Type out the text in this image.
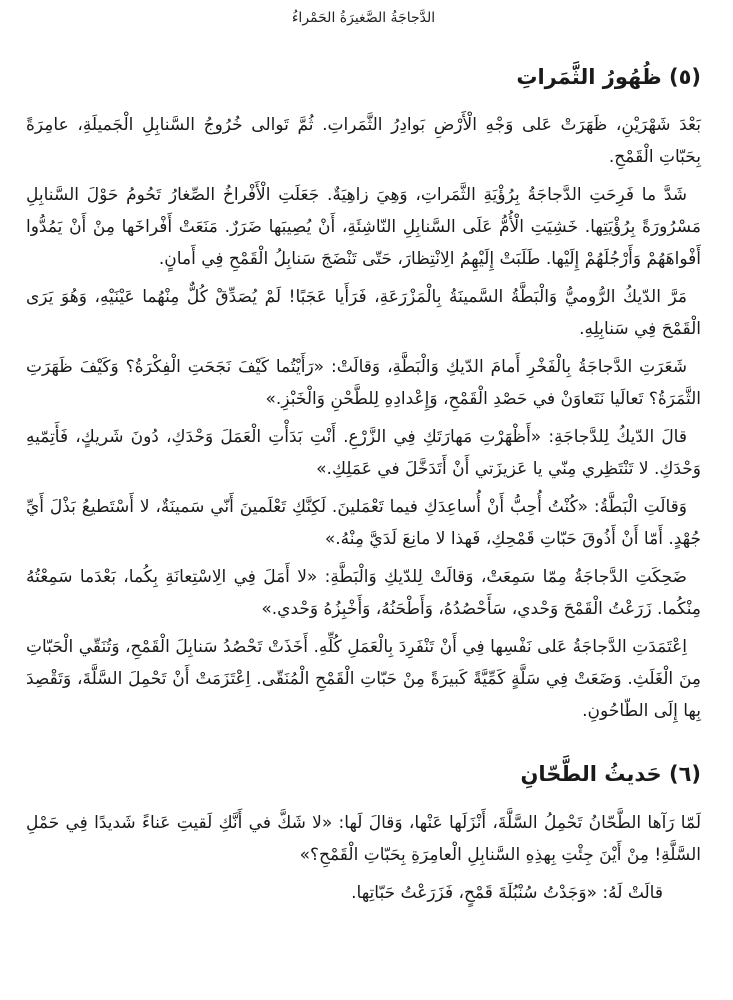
الدَّجاجَةُ الصَّغيرَةُ الحَمْراءُ
(٥) ظُهُورُ الثَّمَراتِ

بَعْدَ شَهْرَيْنِ، ظَهَرَتْ عَلى وَجْهِ الْأَرْضِ بَوادِرُ الثَّمَراتِ. ثُمَّ تَوالى خُرُوجُ السَّنابِلِ الْجَميلَةِ، عامِرَةً بِحَبّاتِ الْقَمْحِ.

شَدَّ ما فَرِحَتِ الدَّجاجَةُ بِرُؤْيَةِ الثَّمَراتِ، وَهِيَ زاهِيَةٌ. جَعَلَتِ الْأَفْراخُ الصِّغارُ تَحُومُ حَوْلَ السَّنابِلِ مَسْرُورَةً بِرُؤْيَتِها. خَشِيَتِ الْأُمُّ عَلَى السَّنابِلِ النّاشِئَةِ، أَنْ يُصِيبَها ضَرَرٌ. مَنَعَتْ أَفْراخَها مِنْ أَنْ يَمُدُّوا أَفْواهَهُمْ وَأَرْجُلَهُمْ إِلَيْها. طَلَبَتْ إِلَيْهِمُ الِانْتِظارَ، حَتّى تَنْضَجَ سَنابِلُ الْقَمْحِ فِي أَمانٍ.

مَرَّ الدّيكُ الرُّوميُّ وَالْبَطَّةُ السَّمينَةُ بِالْمَزْرَعَةِ، فَرَأَيا عَجَبًا! لَمْ يُصَدِّقْ كُلٌّ مِنْهُما عَيْنَيْهِ، وَهُوَ يَرَى الْقَمْحَ فِي سَنابِلِهِ.

شَعَرَتِ الدَّجاجَةُ بِالْفَخْرِ أَمامَ الدّيكِ وَالْبَطَّةِ، وَقالَتْ: «رَأَيْتُما كَيْفَ نَجَحَتِ الْفِكْرَةُ؟ وَكَيْفَ ظَهَرَتِ الثَّمَرَةُ؟ تَعالَيا نَتَعاوَنْ في حَصْدِ الْقَمْحِ، وَإِعْدادِهِ لِلطَّحْنِ وَالْخَبْزِ.»

قالَ الدّيكُ لِلدَّجاجَةِ: «أَظْهَرْتِ مَهارَتَكِ فِي الزَّرْعِ. أَنْتِ بَدَأْتِ الْعَمَلَ وَحْدَكِ، دُونَ شَريكٍ، فَأَتِمّيهِ وَحْدَكِ. لا تَنْتَظِري مِنّي يا عَزيزَتي أَنْ أَتَدَخَّلَ في عَمَلِكِ.»

وَقالَتِ الْبَطَّةُ: «كُنْتُ أُحِبُّ أَنْ أُساعِدَكِ فيما تَعْمَلينَ. لَكِنَّكِ تَعْلَمينَ أَنّي سَمينَةٌ، لا أَسْتَطيعُ بَذْلَ أَيِّ جُهْدٍ. أَمّا أَنْ أَذُوقَ حَبّاتِ قَمْحِكِ، فَهذا لا مانِعَ لَدَيَّ مِنْهُ.»

ضَحِكَتِ الدَّجاجَةُ مِمّا سَمِعَتْ، وَقالَتْ لِلدّيكِ وَالْبَطَّةِ: «لا أَمَلَ فِي الِاسْتِعانَةِ بِكُما، بَعْدَما سَمِعْتُهُ مِنْكُما. زَرَعْتُ الْقَمْحَ وَحْدي، سَأَحْصُدُهُ، وَأَطْحَنُهُ، وَأَخْبِزُهُ وَحْدي.»

اِعْتَمَدَتِ الدَّجاجَةُ عَلى نَفْسِها فِي أَنْ تَنْفَرِدَ بِالْعَمَلِ كُلِّهِ. أَخَذَتْ تَحْصُدُ سَنابِلَ الْقَمْحِ، وَتُنَقّي الْحَبّاتِ مِنَ الْغَلَثِ. وَضَعَتْ فِي سَلَّةٍ كَمِّيَّةً كَبيرَةً مِنْ حَبّاتِ الْقَمْحِ الْمُنَقّى. اِعْتَزَمَتْ أَنْ تَحْمِلَ السَّلَّةَ، وَتَقْصِدَ بِها إِلَى الطّاحُونِ.

(٦) حَديثُ الطَّحّانِ

لَمّا رَآها الطَّحّانُ تَحْمِلُ السَّلَّةَ، أَنْزَلَها عَنْها، وَقالَ لَها: «لا شَكَّ في أَنَّكِ لَقيتِ عَناءً شَديدًا فِي حَمْلِ السَّلَّةِ! مِنْ أَيْنَ جِئْتِ بِهذِهِ السَّنابِلِ الْعامِرَةِ بِحَبّاتِ الْقَمْحِ؟»

قالَتْ لَهُ: «وَجَدْتُ سُنْبُلَةَ قَمْحٍ، فَزَرَعْتُ حَبّاتِها.
